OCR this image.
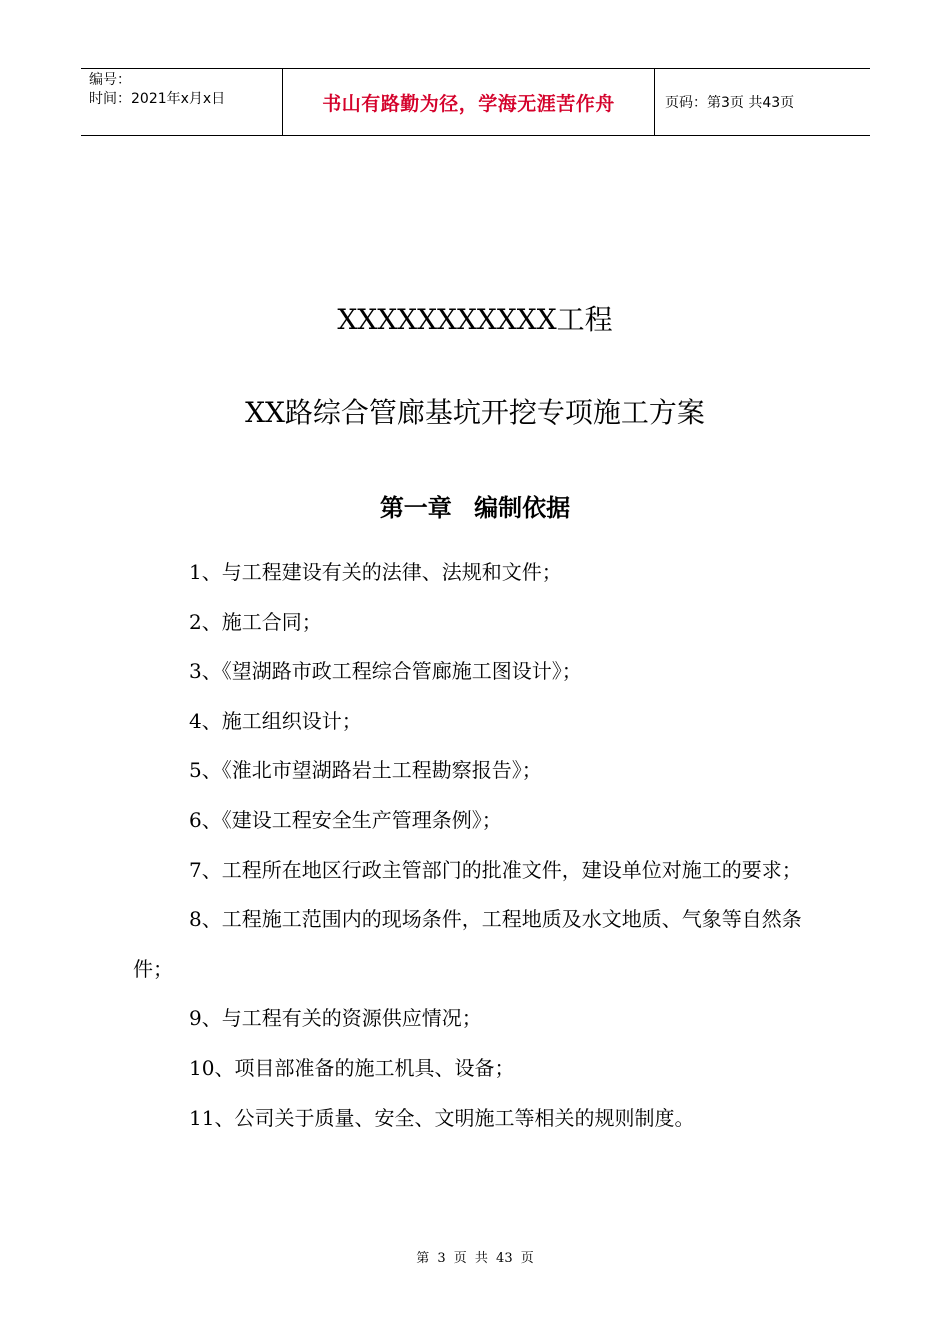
编号：
时间：2021年x月x日	书山有路勤为径，学海无涯苦作舟	页码：第3页 共43页
XXXXXXXXXXX工程
XX路综合管廊基坑开挖专项施工方案
第一章 编制依据

1、与工程建设有关的法律、法规和文件；

2、施工合同；

3、《望湖路市政工程综合管廊施工图设计》；

4、施工组织设计；

5、《淮北市望湖路岩土工程勘察报告》；

6、《建设工程安全生产管理条例》；

7、工程所在地区行政主管部门的批准文件，建设单位对施工的要求；

8、工程施工范围内的现场条件，工程地质及水文地质、气象等自然条件；

9、与工程有关的资源供应情况；

10、项目部准备的施工机具、设备；

11、公司关于质量、安全、文明施工等相关的规则制度。

第 3 页 共 43 页
